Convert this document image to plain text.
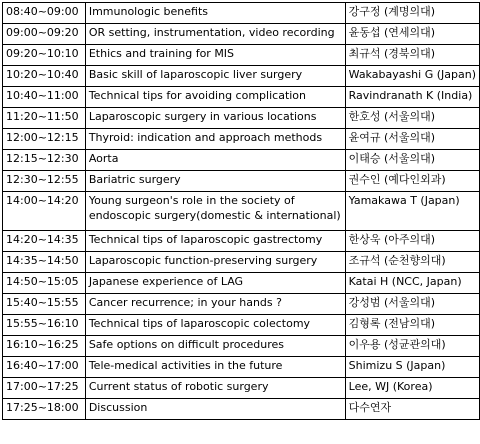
08:40~09:00	Immunologic benefits	강구정 (계명의대)
09:00~09:20	OR setting, instrumentation, video recording	윤동섭 (연세의대)
09:20~10:10	Ethics and training for MIS	최규석 (경북의대)
10:20~10:40	Basic skill of laparoscopic liver surgery	Wakabayashi G (Japan)
10:40~11:00	Technical tips for avoiding complication	Ravindranath K (India)
11:20~11:50	Laparoscopic surgery in various locations	한호성 (서울의대)
12:00~12:15	Thyroid: indication and approach methods	윤여규 (서울의대)
12:15~12:30	Aorta	이태승 (서울의대)
12:30~12:55	Bariatric surgery	권수인 (예다인외과)
14:00~14:20	Young surgeon's role in the society of endoscopic surgery(domestic & international)	Yamakawa T (Japan)
14:20~14:35	Technical tips of laparoscopic gastrectomy	한상욱 (아주의대)
14:35~14:50	Laparoscopic function-preserving surgery	조규석 (순천향의대)
14:50~15:05	Japanese experience of LAG	Katai H (NCC, Japan)
15:40~15:55	Cancer recurrence; in your hands ?	강성범 (서울의대)
15:55~16:10	Technical tips of laparoscopic colectomy	김형록 (전남의대)
16:10~16:25	Safe options on difficult procedures	이우용 (성균관의대)
16:40~17:00	Tele-medical activities in the future	Shimizu S (Japan)
17:00~17:25	Current status of robotic surgery	Lee, WJ (Korea)
17:25~18:00	Discussion	다수연자
